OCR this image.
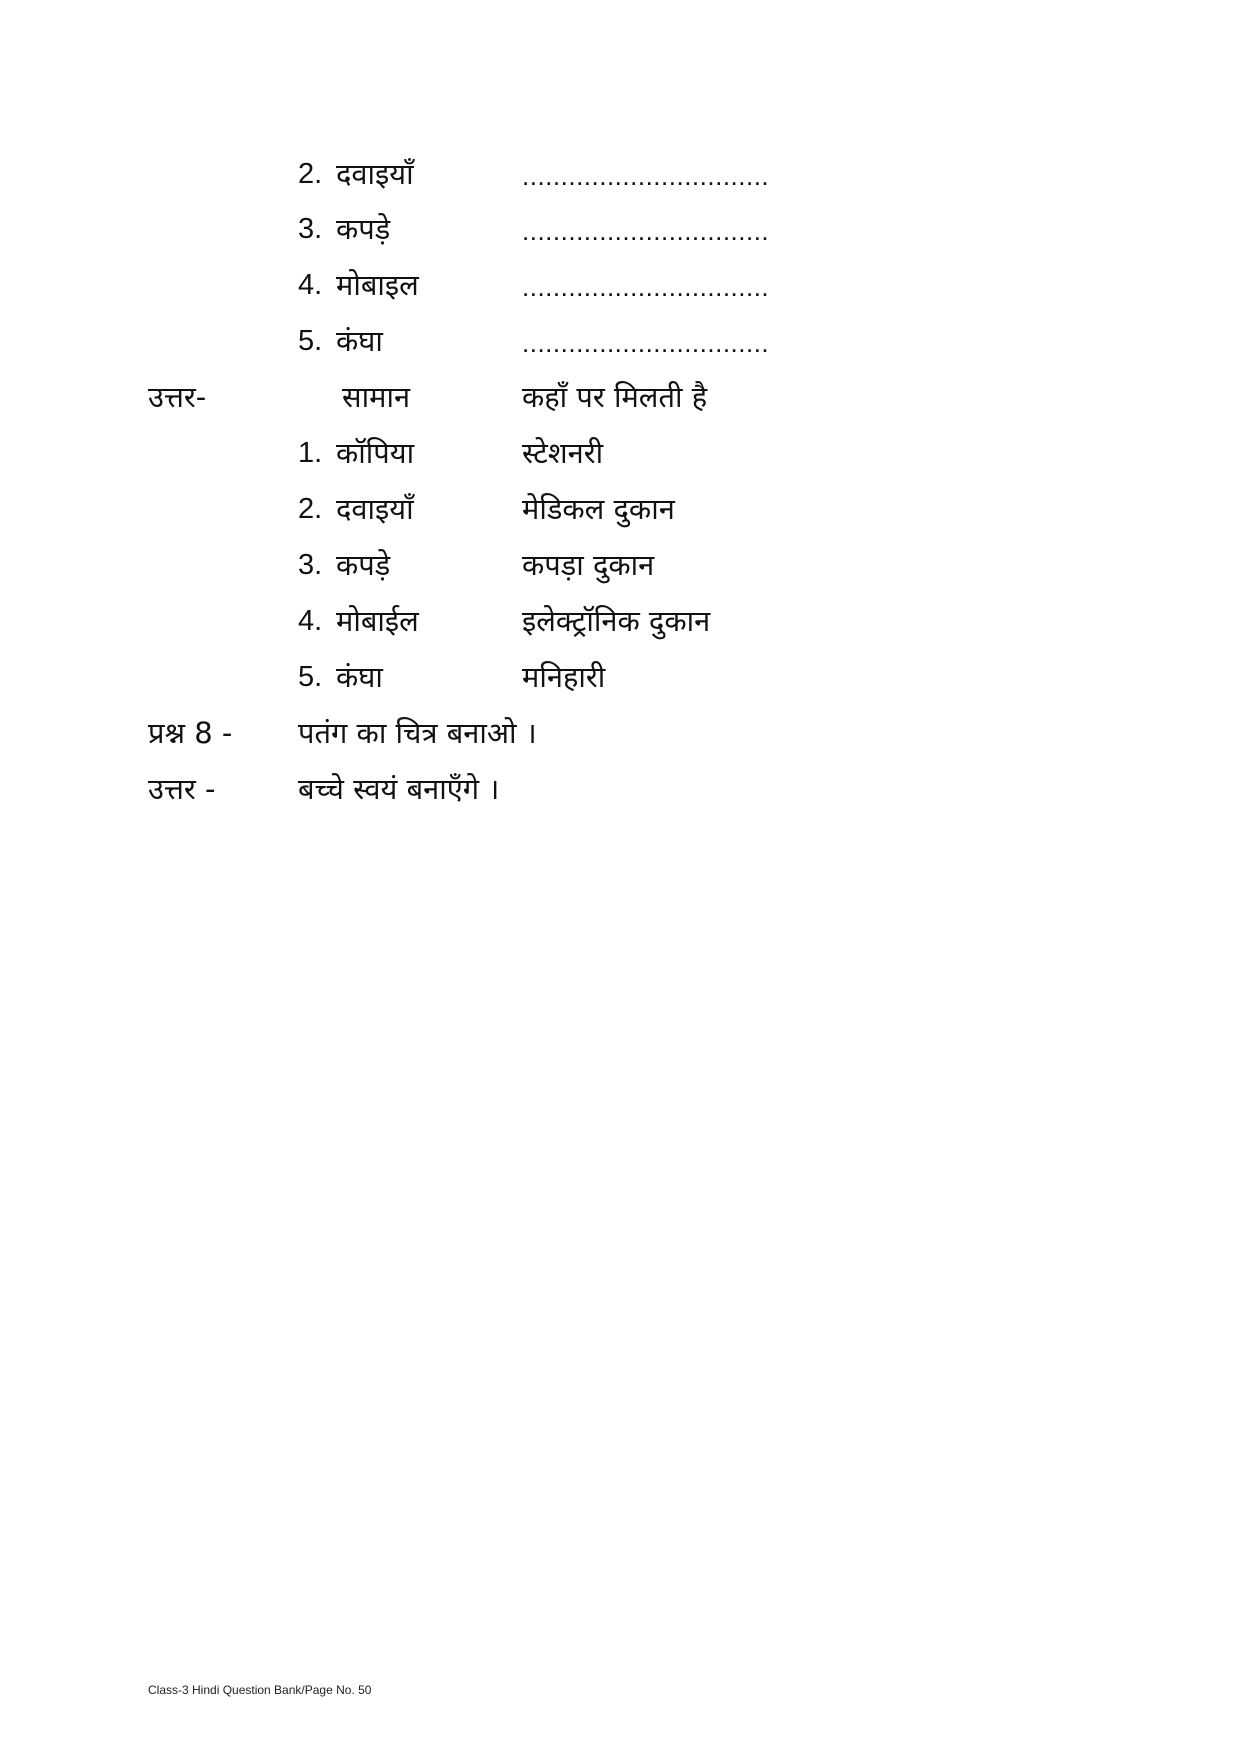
2. दवाइयाँ	................................
3. कपड़े	................................
4. मोबाइल	................................
5. कंघा	................................
उत्तर-	सामान	कहाँ पर मिलती है
1. कॉपिया	स्टेशनरी
2. दवाइयाँ	मेडिकल दुकान
3. कपड़े	कपड़ा दुकान
4. मोबाईल	इलेक्ट्रॉनिक दुकान
5. कंघा	मनिहारी
प्रश्न 8 - पतंग का चित्र बनाओ ।
उत्तर -	बच्चे स्वयं बनाएँगे ।
Class-3 Hindi Question Bank/Page No. 50
